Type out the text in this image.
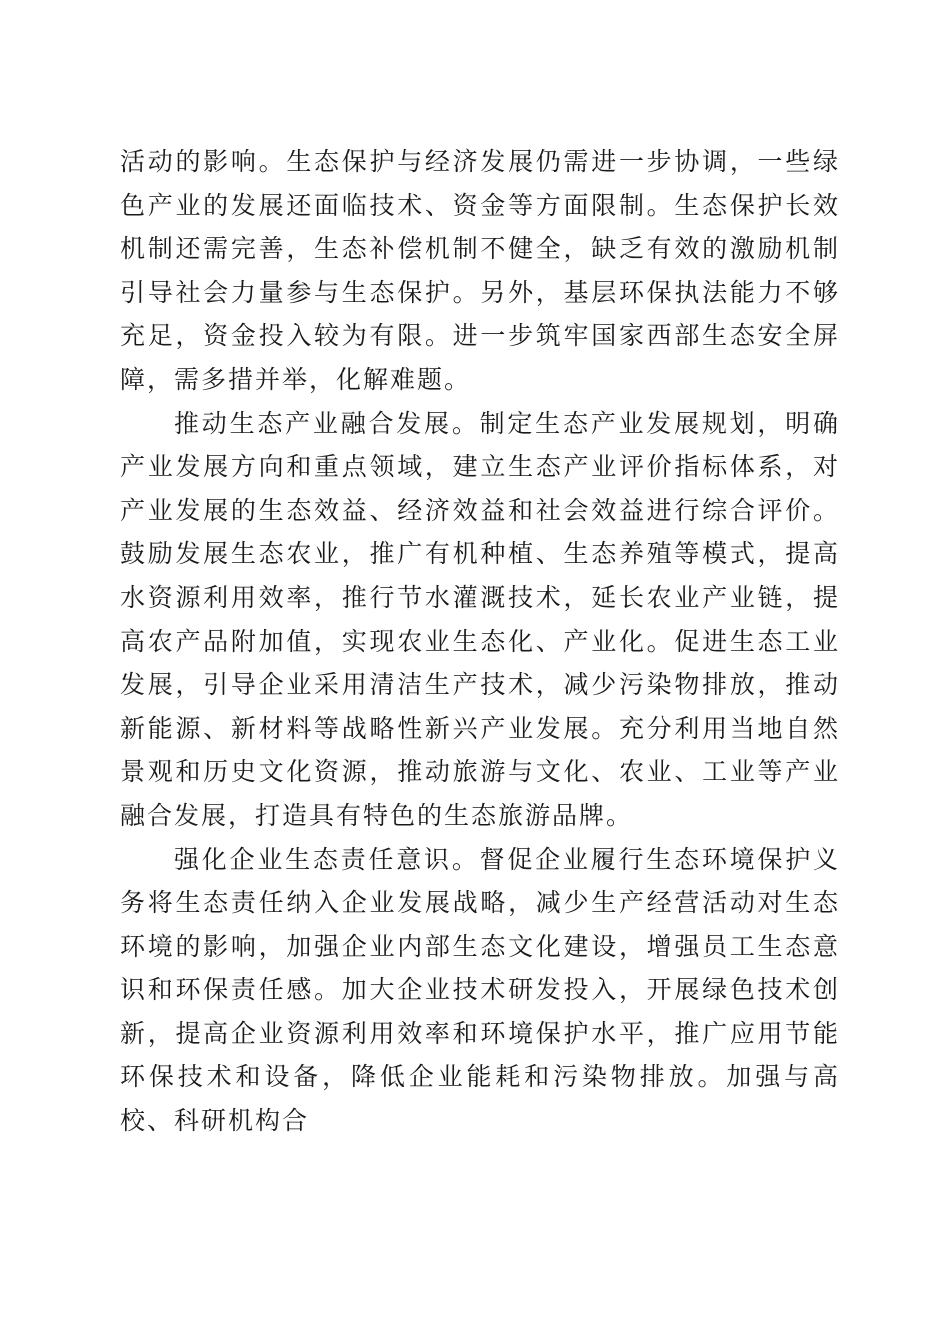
活动的影响。生态保护与经济发展仍需进一步协调，一些绿色产业的发展还面临技术、资金等方面限制。生态保护长效机制还需完善，生态补偿机制不健全，缺乏有效的激励机制引导社会力量参与生态保护。另外，基层环保执法能力不够充足，资金投入较为有限。进一步筑牢国家西部生态安全屏障，需多措并举，化解难题。

推动生态产业融合发展。制定生态产业发展规划，明确产业发展方向和重点领域，建立生态产业评价指标体系，对产业发展的生态效益、经济效益和社会效益进行综合评价。鼓励发展生态农业，推广有机种植、生态养殖等模式，提高水资源利用效率，推行节水灌溉技术，延长农业产业链，提高农产品附加值，实现农业生态化、产业化。促进生态工业发展，引导企业采用清洁生产技术，减少污染物排放，推动新能源、新材料等战略性新兴产业发展。充分利用当地自然景观和历史文化资源，推动旅游与文化、农业、工业等产业融合发展，打造具有特色的生态旅游品牌。

强化企业生态责任意识。督促企业履行生态环境保护义务将生态责任纳入企业发展战略，减少生产经营活动对生态环境的影响，加强企业内部生态文化建设，增强员工生态意识和环保责任感。加大企业技术研发投入，开展绿色技术创新，提高企业资源利用效率和环境保护水平，推广应用节能环保技术和设备，降低企业能耗和污染物排放。加强与高校、科研机构合
